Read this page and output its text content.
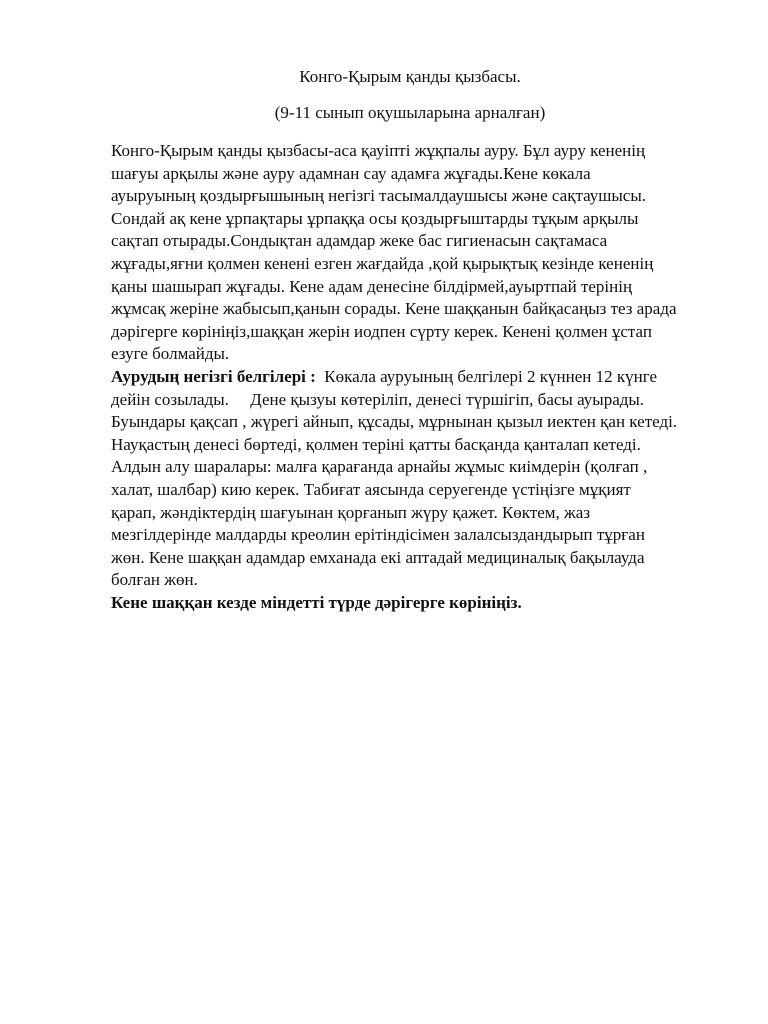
Конго-Қырым қанды қызбасы.
(9-11 сынып оқушыларына арналған)
Конго-Қырым қанды қызбасы-аса қауіпті жұқпалы ауру. Бұл ауру кененің
шағуы арқылы және ауру адамнан сау адамға жұғады.Кене көкала
ауыруының қоздырғышының негізгі тасымалдаушысы және сақтаушысы.
Сондай ақ кене ұрпақтары ұрпаққа осы қоздырғыштарды тұқым арқылы
сақтап отырады.Сондықтан адамдар жеке бас гигиенасын сақтамаса
жұғады,яғни қолмен кенені езген жағдайда ,қой қырықтық кезінде кененің
қаны шашырап жұғады. Кене адам денесіне білдірмей,ауыртпай терінің
жұмсақ жеріне жабысып,қанын сорады. Кене шаққанын байқасаңыз тез арада
дәрігерге көрініңіз,шаққан жерін иодпен сүрту керек. Кенені қолмен ұстап
езуге болмайды.
Аурудың негізгі белгілері :  Көкала ауруының белгілері 2 күннен 12 күнге
дейін созылады.     Дене қызуы көтеріліп, денесі түршігіп, басы ауырады.
Буындары қақсап , жүрегі айнып, құсады, мұрнынан қызыл иектен қан кетеді.
Науқастың денесі бөртеді, қолмен теріні қатты басқанда қанталап кетеді.
Алдын алу шаралары: малға қарағанда арнайы жұмыс киімдерін (қолғап ,
халат, шалбар) кию керек. Табиғат аясында серуегенде үстіңізге мұқият
қарап, жәндіктердің шағуынан қорғанып жүру қажет. Көктем, жаз
мезгілдерінде малдарды креолин ерітіндісімен залалсыздандырып тұрған
жөн. Кене шаққан адамдар емханада екі аптадай медициналық бақылауда
болған жөн.
Кене шаққан кезде міндетті түрде дәрігерге көрініңіз.
